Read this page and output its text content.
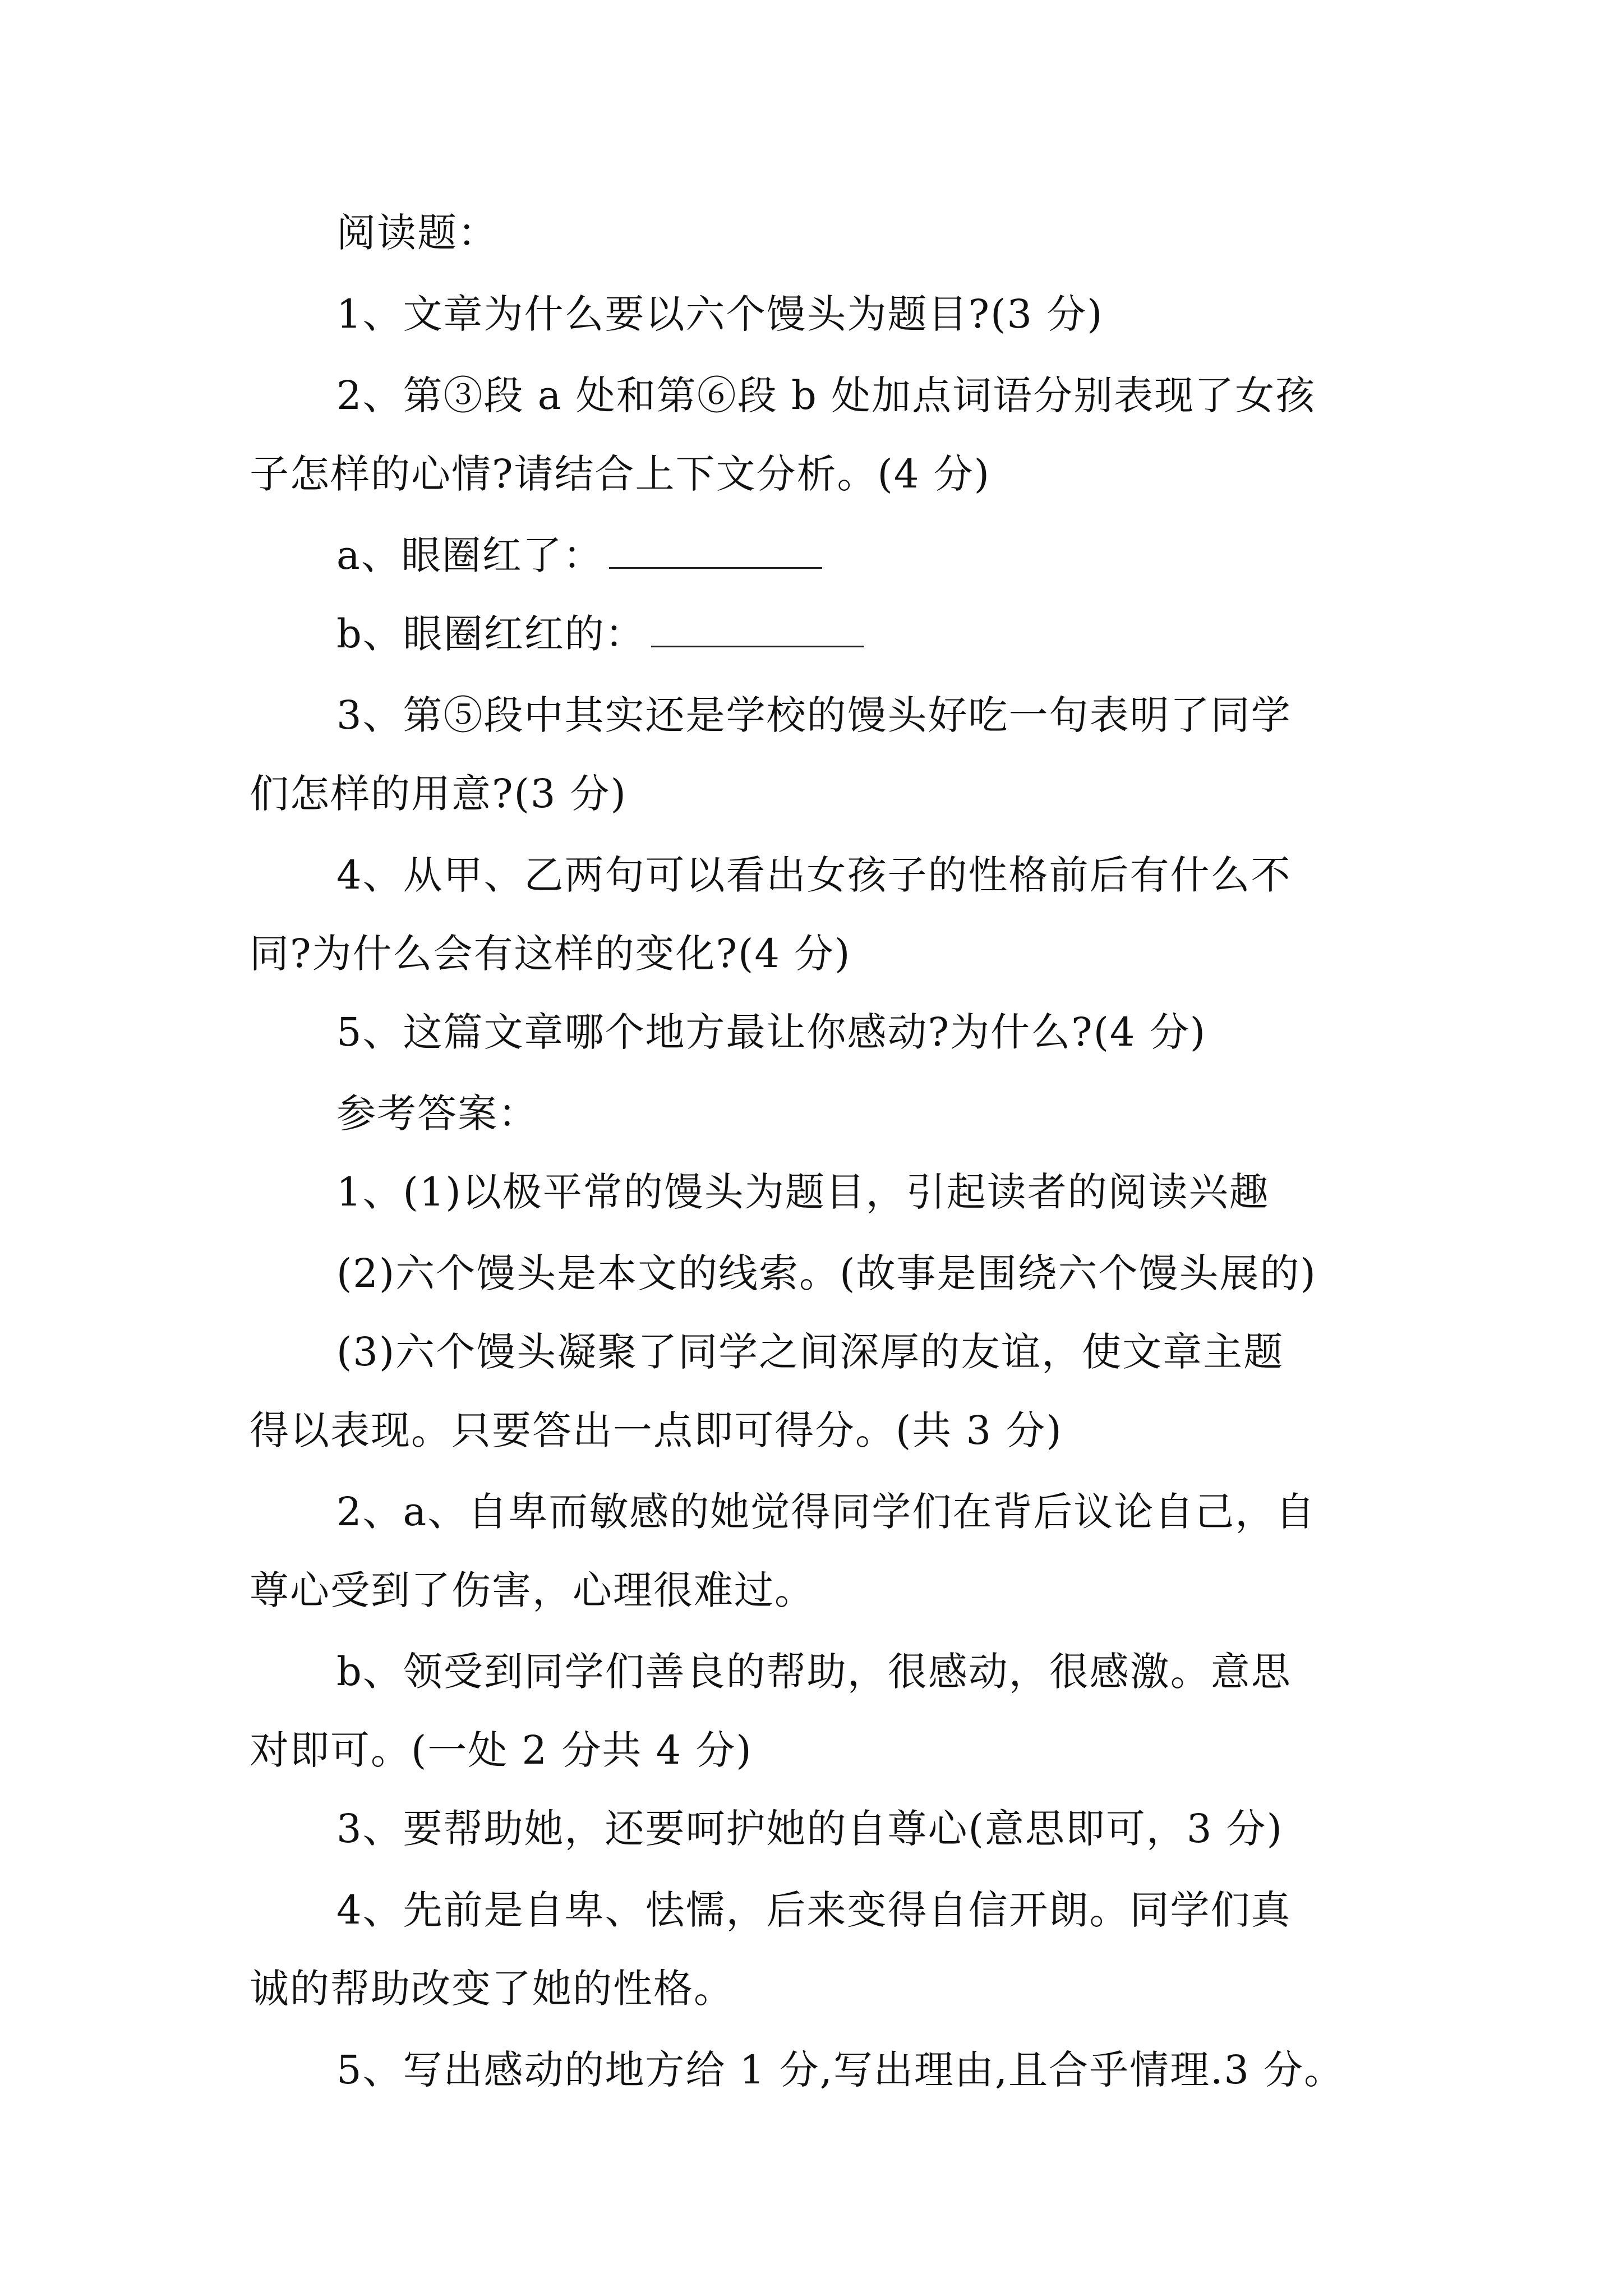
阅读题：
1、文章为什么要以六个馒头为题目?(3 分)
2、第③段 a 处和第⑥段 b 处加点词语分别表现了女孩
子怎样的心情?请结合上下文分析。(4 分)
a、眼圈红了：
b、眼圈红红的：
3、第⑤段中其实还是学校的馒头好吃一句表明了同学
们怎样的用意?(3 分)
4、从甲、乙两句可以看出女孩子的性格前后有什么不
同?为什么会有这样的变化?(4 分)
5、这篇文章哪个地方最让你感动?为什么?(4 分)
参考答案：
1、(1)以极平常的馒头为题目，引起读者的阅读兴趣
(2)六个馒头是本文的线索。(故事是围绕六个馒头展的)
(3)六个馒头凝聚了同学之间深厚的友谊，使文章主题
得以表现。只要答出一点即可得分。(共 3 分)
2、a、自卑而敏感的她觉得同学们在背后议论自己，自
尊心受到了伤害，心理很难过。
b、领受到同学们善良的帮助，很感动，很感激。意思
对即可。(一处 2 分共 4 分)
3、要帮助她，还要呵护她的自尊心(意思即可，3 分)
4、先前是自卑、怯懦，后来变得自信开朗。同学们真
诚的帮助改变了她的性格。
5、写出感动的地方给 1 分,写出理由,且合乎情理.3 分。
